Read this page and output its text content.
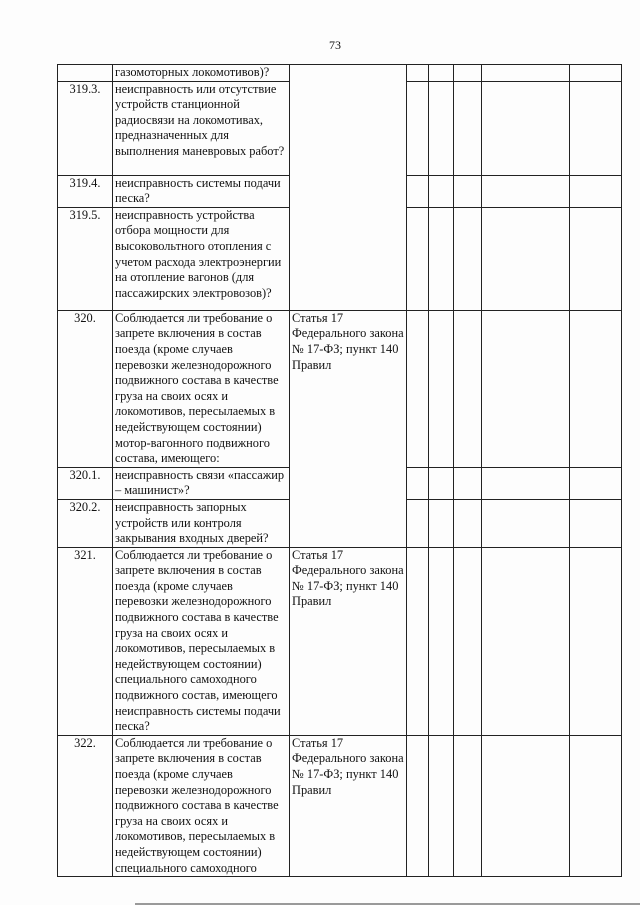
73
	газомоторных локомотивов)?						
319.3.	неисправность или отсутствие устройств станционной радиосвязи на локомотивах, предназначенных для выполнения маневровых работ?						
319.4.	неисправность системы подачи песка?						
319.5.	неисправность устройства отбора мощности для высоковольтного отопления с учетом расхода электроэнергии на отопление вагонов (для пассажирских электровозов)?						
320.	Соблюдается ли требование о запрете включения в состав поезда (кроме случаев перевозки железнодорожного подвижного состава в качестве груза на своих осях и локомотивов, пересылаемых в недействующем состоянии) мотор-вагонного подвижного состава, имеющего:	Статья 17 Федерального закона № 17-ФЗ; пункт 140 Правил					
320.1.	неисправность связи «пассажир – машинист»?						
320.2.	неисправность запорных устройств или контроля закрывания входных дверей?						
321.	Соблюдается ли требование о запрете включения в состав поезда (кроме случаев перевозки железнодорожного подвижного состава в качестве груза на своих осях и локомотивов, пересылаемых в недействующем состоянии) специального самоходного подвижного состав, имеющего неисправность системы подачи песка?	Статья 17 Федерального закона № 17-ФЗ; пункт 140 Правил					
322.	Соблюдается ли требование о запрете включения в состав поезда (кроме случаев перевозки железнодорожного подвижного состава в качестве груза на своих осях и локомотивов, пересылаемых в недействующем состоянии) специального самоходного	Статья 17 Федерального закона № 17-ФЗ; пункт 140 Правил					
